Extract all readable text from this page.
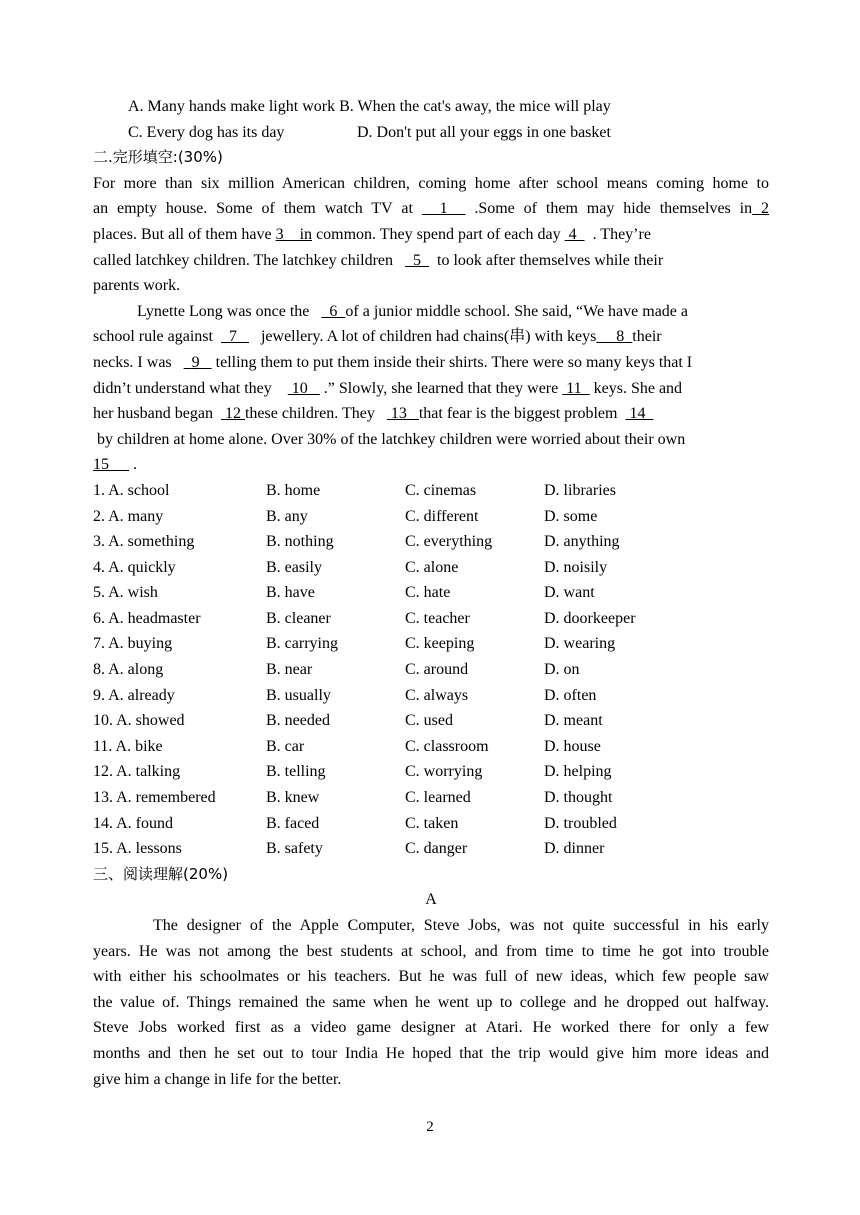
A. Many hands make light work B. When the cat's away, the mice will play
C. Every dog has its day	D. Don't put all your eggs in one basket
二.完形填空:(30%)
For more than six million American children, coming home after school means coming home to
an empty house. Some of them watch TV at 1 .Some of them may hide themselves in 2
places. But all of them have 3 in common. They spend part of each day 4 . They’re
called latchkey children. The latchkey children 5 to look after themselves while their
parents work.
Lynette Long was once the 6 of a junior middle school. She said, “We have made a
school rule against 7 jewellery. A lot of children had chains(串) with keys 8 their
necks. I was 9 telling them to put them inside their shirts. There were so many keys that I
didn’t understand what they 10 .” Slowly, she learned that they were 11 keys. She and
her husband began 12 these children. They 13 that fear is the biggest problem 14
by children at home alone. Over 30% of the latchkey children were worried about their own
15 .
1. A. school	B. home	C. cinemas	D. libraries
2. A. many	B. any	C. different	D. some
3. A. something	B. nothing	C. everything	D. anything
4. A. quickly	B. easily	C. alone	D. noisily
5. A. wish	B. have	C. hate	D. want
6. A. headmaster	B. cleaner	C. teacher	D. doorkeeper
7. A. buying	B. carrying	C. keeping	D. wearing
8. A. along	B. near	C. around	D. on
9. A. already	B. usually	C. always	D. often
10. A. showed	B. needed	C. used	D. meant
11. A. bike	B. car	C. classroom	D. house
12. A. talking	B. telling	C. worrying	D. helping
13. A. remembered	B. knew	C. learned	D. thought
14. A. found	B. faced	C. taken	D. troubled
15. A. lessons	B. safety	C. danger	D. dinner
三、阅读理解(20%)
A
The designer of the Apple Computer, Steve Jobs, was not quite successful in his early
years. He was not among the best students at school, and from time to time he got into trouble
with either his schoolmates or his teachers. But he was full of new ideas, which few people saw
the value of. Things remained the same when he went up to college and he dropped out halfway.
Steve Jobs worked first as a video game designer at Atari. He worked there for only a few
months and then he set out to tour India He hoped that the trip would give him more ideas and
give him a change in life for the better.
2
